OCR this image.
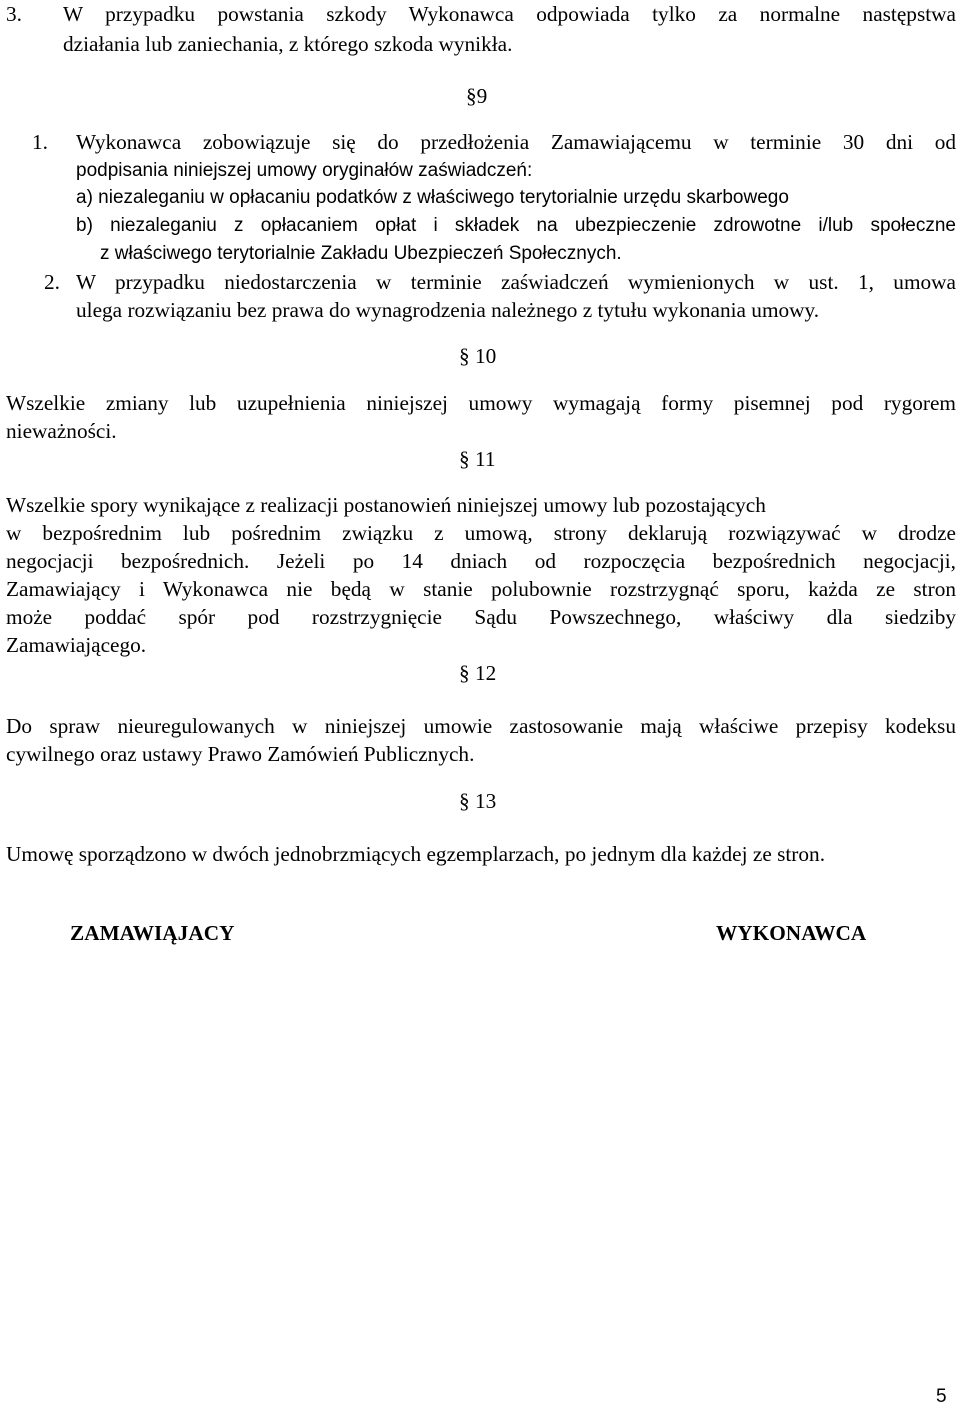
3. W przypadku powstania szkody Wykonawca odpowiada tylko za normalne następstwa
działania lub zaniechania, z którego szkoda wynikła.
§9
1. Wykonawca zobowiązuje się do przedłożenia Zamawiającemu w terminie 30 dni od
podpisania niniejszej umowy oryginałów zaświadczeń:
a) niezaleganiu w opłacaniu podatków z właściwego terytorialnie urzędu skarbowego
b) niezaleganiu z opłacaniem opłat i składek na ubezpieczenie zdrowotne i/lub społeczne
z właściwego terytorialnie Zakładu Ubezpieczeń Społecznych.
2. W przypadku niedostarczenia w terminie zaświadczeń wymienionych w ust. 1, umowa
ulega rozwiązaniu bez prawa do wynagrodzenia należnego z tytułu wykonania umowy.
§ 10
Wszelkie zmiany lub uzupełnienia niniejszej umowy wymagają formy pisemnej pod rygorem
nieważności.
§ 11
Wszelkie spory wynikające z realizacji postanowień niniejszej umowy lub pozostających
w bezpośrednim lub pośrednim związku z umową, strony deklarują rozwiązywać w drodze
negocjacji bezpośrednich. Jeżeli po 14 dniach od rozpoczęcia bezpośrednich negocjacji,
Zamawiający i Wykonawca nie będą w stanie polubownie rozstrzygnąć sporu, każda ze stron
może poddać spór pod rozstrzygnięcie Sądu Powszechnego, właściwy dla siedziby
Zamawiającego.
§ 12
Do spraw nieuregulowanych w niniejszej umowie zastosowanie mają właściwe przepisy kodeksu
cywilnego oraz ustawy Prawo Zamówień Publicznych.
§ 13
Umowę sporządzono w dwóch jednobrzmiących egzemplarzach, po jednym dla każdej ze stron.
ZAMAWIĄJACY	WYKONAWCA
5
